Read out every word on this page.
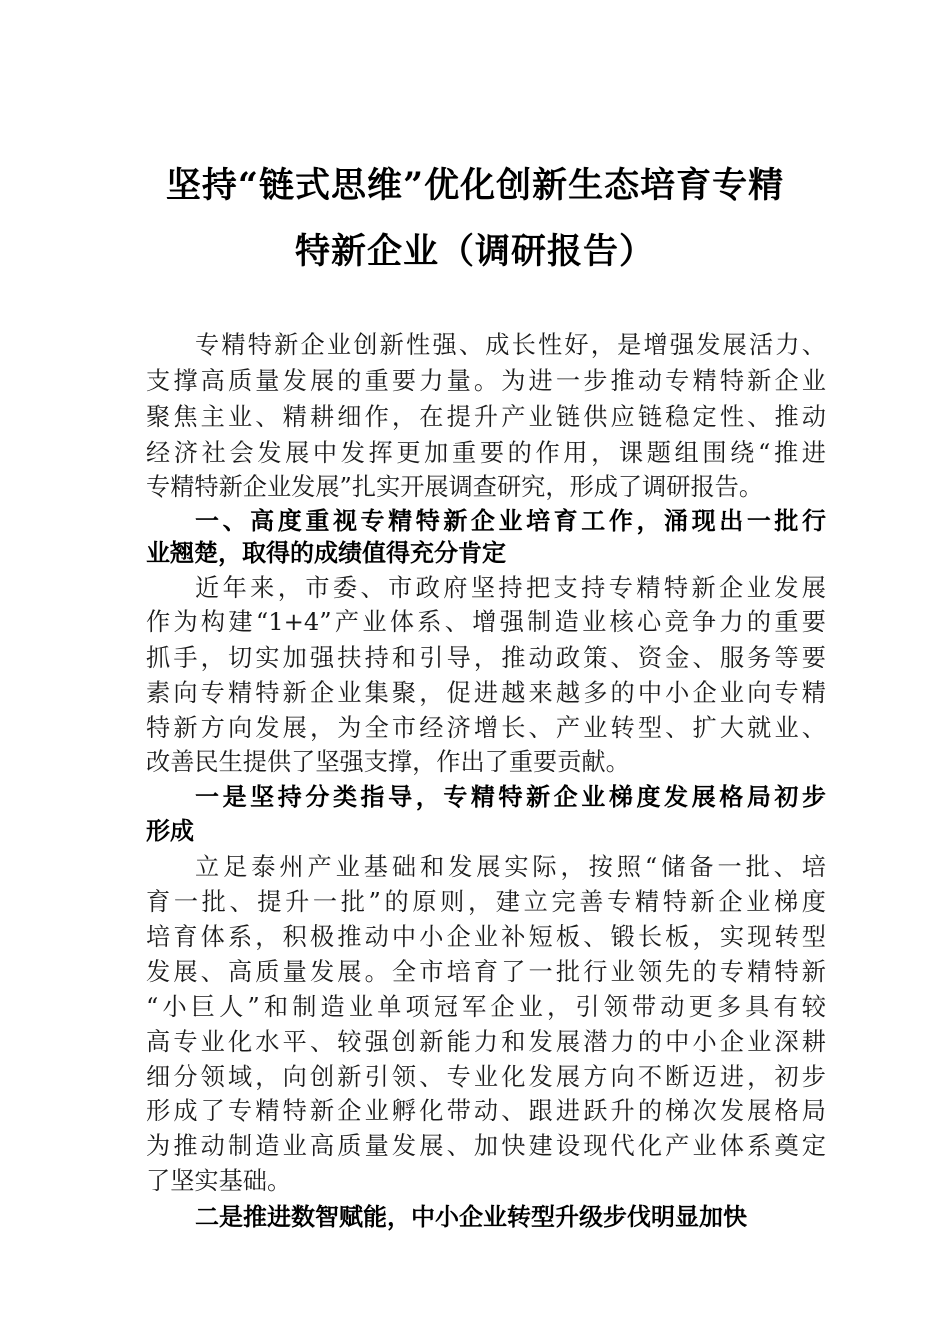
坚持“链式思维”优化创新生态培育专精
特新企业（调研报告）
专精特新企业创新性强、成长性好，是增强发展活力、
支撑高质量发展的重要力量。为进一步推动专精特新企业
聚焦主业、精耕细作，在提升产业链供应链稳定性、推动
经济社会发展中发挥更加重要的作用，课题组围绕“推进
专精特新企业发展”扎实开展调查研究，形成了调研报告。
一、高度重视专精特新企业培育工作，涌现出一批行
业翘楚，取得的成绩值得充分肯定
近年来，市委、市政府坚持把支持专精特新企业发展
作为构建“1+4”产业体系、增强制造业核心竞争力的重要
抓手，切实加强扶持和引导，推动政策、资金、服务等要
素向专精特新企业集聚，促进越来越多的中小企业向专精
特新方向发展，为全市经济增长、产业转型、扩大就业、
改善民生提供了坚强支撑，作出了重要贡献。
一是坚持分类指导，专精特新企业梯度发展格局初步
形成
立足泰州产业基础和发展实际，按照“储备一批、培
育一批、提升一批”的原则，建立完善专精特新企业梯度
培育体系，积极推动中小企业补短板、锻长板，实现转型
发展、高质量发展。全市培育了一批行业领先的专精特新
“小巨人”和制造业单项冠军企业，引领带动更多具有较
高专业化水平、较强创新能力和发展潜力的中小企业深耕
细分领域，向创新引领、专业化发展方向不断迈进，初步
形成了专精特新企业孵化带动、跟进跃升的梯次发展格局
为推动制造业高质量发展、加快建设现代化产业体系奠定
了坚实基础。
二是推进数智赋能，中小企业转型升级步伐明显加快
